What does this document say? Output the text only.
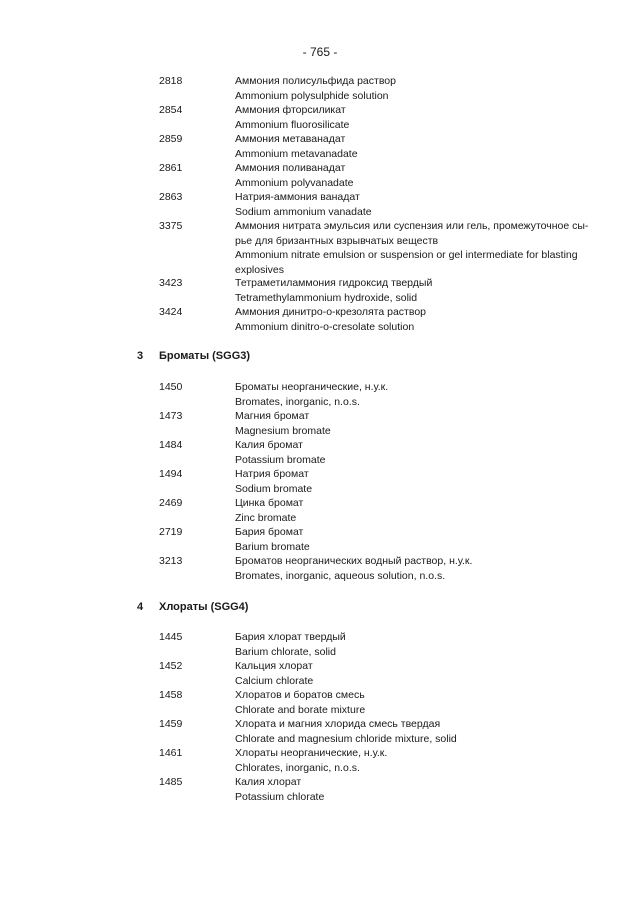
- 765 -
2818	Аммония полисульфида раствор
Ammonium polysulphide solution
2854	Аммония фторсиликат
Ammonium fluorosilicate
2859	Аммония метаванадат
Ammonium metavanadate
2861	Аммония поливанадат
Ammonium polyvanadate
2863	Натрия-аммония ванадат
Sodium ammonium vanadate
3375	Аммония нитрата эмульсия или суспензия или гель, промежуточное сы-
рье для бризантных взрывчатых веществ
Ammonium nitrate emulsion or suspension or gel intermediate for blasting
explosives
3423	Тетраметиламмония гидроксид твердый
Tetramethylammonium hydroxide, solid
3424	Аммония динитро-о-крезолята раствор
Ammonium dinitro-o-cresolate solution
3 Броматы (SGG3)
1450	Броматы неорганические, н.у.к.
Bromates, inorganic, n.o.s.
1473	Магния бромат
Magnesium bromate
1484	Калия бромат
Potassium bromate
1494	Натрия бромат
Sodium bromate
2469	Цинка бромат
Zinc bromate
2719	Бария бромат
Barium bromate
3213	Броматов неорганических водный раствор, н.у.к.
Bromates, inorganic, aqueous solution, n.o.s.
4 Хлораты (SGG4)
1445	Бария хлорат твердый
Barium chlorate, solid
1452	Кальция хлорат
Calcium chlorate
1458	Хлоратов и боратов смесь
Chlorate and borate mixture
1459	Хлората и магния хлорида смесь твердая
Chlorate and magnesium chloride mixture, solid
1461	Хлораты неорганические, н.у.к.
Chlorates, inorganic, n.o.s.
1485	Калия хлорат
Potassium chlorate
